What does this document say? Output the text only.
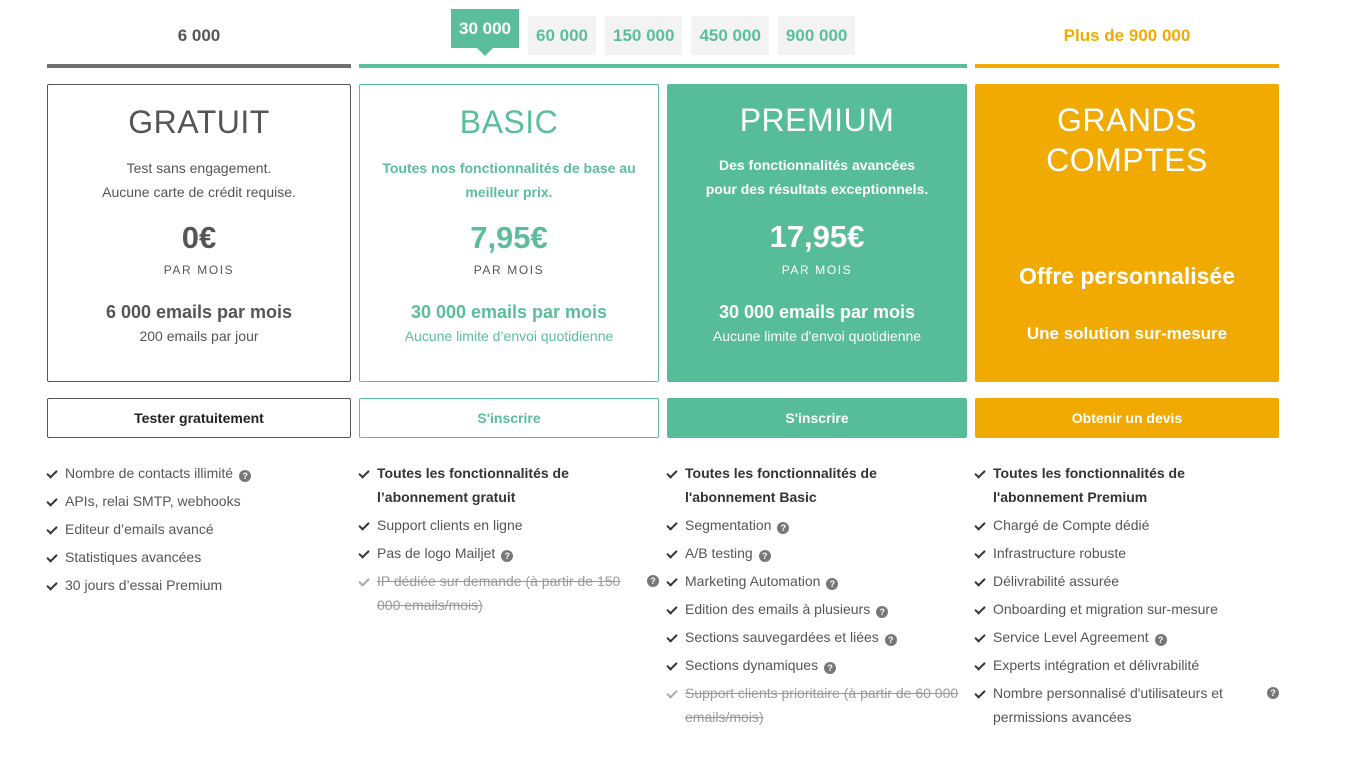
6 000	30 000	60 000	150 000	450 000	900 000	Plus de 900 000
GRATUIT
Test sans engagement.
Aucune carte de crédit requise.
0€
PAR MOIS
6 000 emails par mois
200 emails par jour
BASIC
Toutes nos fonctionnalités de base au meilleur prix.
7,95€
PAR MOIS
30 000 emails par mois
Aucune limite d’envoi quotidienne
PREMIUM
Des fonctionnalités avancées
pour des résultats exceptionnels.
17,95€
PAR MOIS
30 000 emails par mois
Aucune limite d'envoi quotidienne
GRANDS
COMPTES
Offre personnalisée
Une solution sur-mesure
Tester gratuitement	S'inscrire	S'inscrire	Obtenir un devis
Nombre de contacts illimité ?
APIs, relai SMTP, webhooks
Editeur d’emails avancé
Statistiques avancées
30 jours d’essai Premium
Toutes les fonctionnalités de l’abonnement gratuit
Support clients en ligne
Pas de logo Mailjet ?
IP dédiée sur demande (à partir de 150 000 emails/mois)
?
Toutes les fonctionnalités de l'abonnement Basic
Segmentation ?
A/B testing ?
Marketing Automation ?
Edition des emails à plusieurs ?
Sections sauvegardées et liées ?
Sections dynamiques ?
Support clients prioritaire (à partir de 60 000 emails/mois)
Toutes les fonctionnalités de l'abonnement Premium
Chargé de Compte dédié
Infrastructure robuste
Délivrabilité assurée
Onboarding et migration sur-mesure
Service Level Agreement ?
Experts intégration et délivrabilité
Nombre personnalisé d'utilisateurs et permissions avancées
?
